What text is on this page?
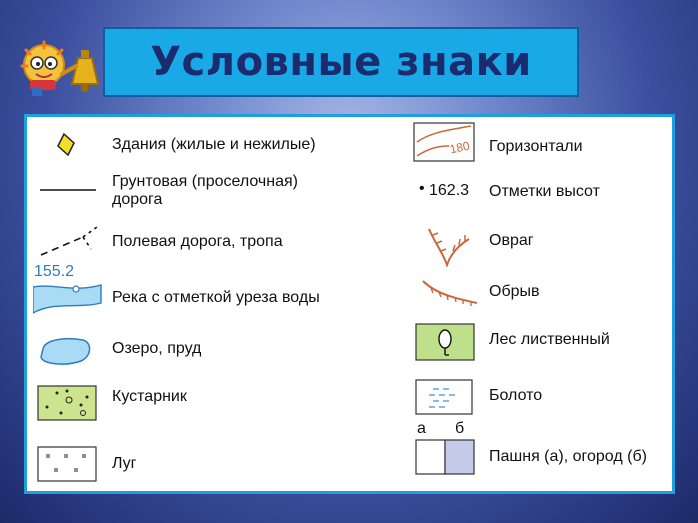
Условные знаки
Здания (жилые и нежилые)
Грунтовая (проселочная) дорога
Полевая дорога, тропа
155.2
Река с отметкой уреза воды
Озеро, пруд
Кустарник
Луг
180 Горизонтали
• 162.3 Отметки высот
Овраг
Обрыв
Лес лиственный
Болото
а б
Пашня (а), огород (б)
